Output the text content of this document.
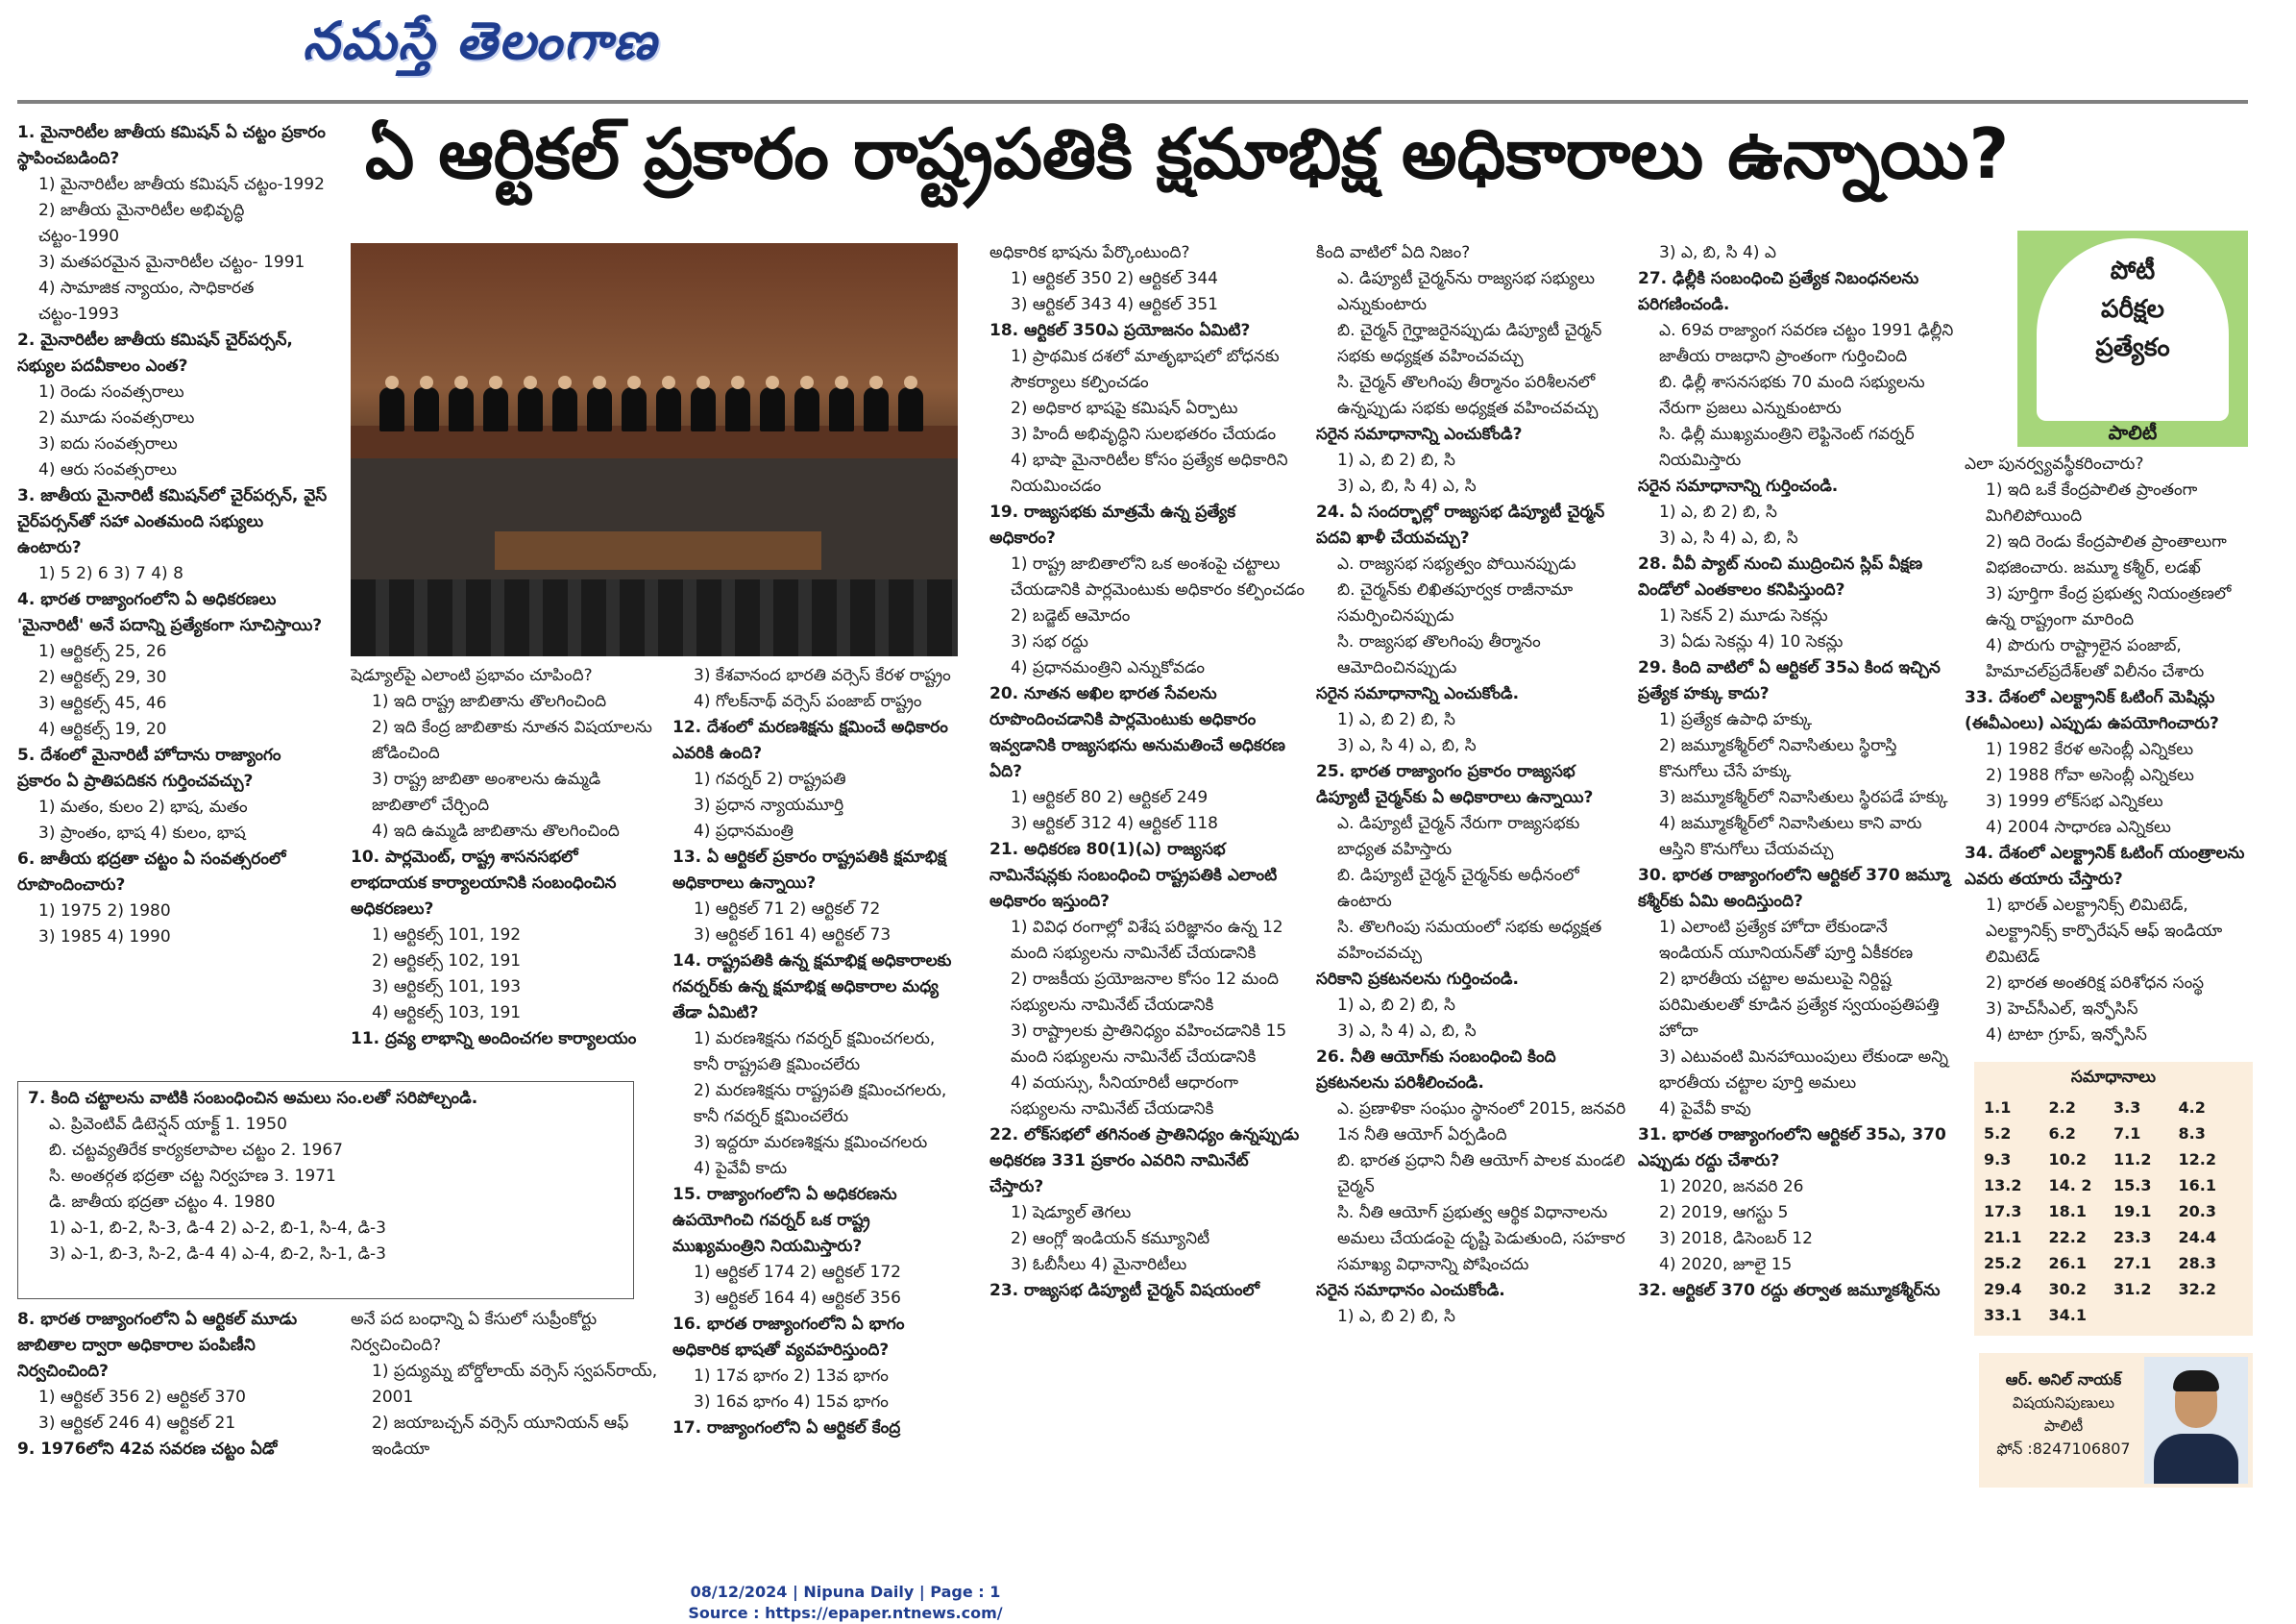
నమస్తే తెలంగాణ
ఏ ఆర్టికల్ ప్రకారం రాష్ట్రపతికి క్షమాభిక్ష అధికారాలు ఉన్నాయి?

1. మైనారిటీల జాతీయ కమిషన్ ఏ చట్టం ప్రకారం స్థాపించబడింది?

1) మైనారిటీల జాతీయ కమిషన్ చట్టం-1992

2) జాతీయ మైనారిటీల అభివృద్ధి చట్టం-1990

3) మతపరమైన మైనారిటీల చట్టం- 1991

4) సామాజిక న్యాయం, సాధికారత చట్టం-1993

2. మైనారిటీల జాతీయ కమిషన్ చైర్‌పర్సన్, సభ్యుల పదవీకాలం ఎంత?

1) రెండు సంవత్సరాలు

2) మూడు సంవత్సరాలు

3) ఐదు సంవత్సరాలు

4) ఆరు సంవత్సరాలు

3. జాతీయ మైనారిటీ కమిషన్‌లో చైర్‌పర్సన్, వైస్ చైర్‌పర్సన్‌తో సహా ఎంతమంది సభ్యులు ఉంటారు?

1) 5 2) 6 3) 7 4) 8

4. భారత రాజ్యాంగంలోని ఏ అధికరణలు 'మైనారిటీ' అనే పదాన్ని ప్రత్యేకంగా సూచిస్తాయి?

1) ఆర్టికల్స్ 25, 26

2) ఆర్టికల్స్ 29, 30

3) ఆర్టికల్స్ 45, 46

4) ఆర్టికల్స్ 19, 20

5. దేశంలో మైనారిటీ హోదాను రాజ్యాంగం ప్రకారం ఏ ప్రాతిపదికన గుర్తించవచ్చు?

1) మతం, కులం 2) భాష, మతం

3) ప్రాంతం, భాష 4) కులం, భాష

6. జాతీయ భద్రతా చట్టం ఏ సంవత్సరంలో రూపొందించారు?

1) 1975 2) 1980

3) 1985 4) 1990

షెడ్యూల్‌పై ఎలాంటి ప్రభావం చూపింది?

1) ఇది రాష్ట్ర జాబితాను తొలగించింది

2) ఇది కేంద్ర జాబితాకు నూతన విషయాలను జోడించింది

3) రాష్ట్ర జాబితా అంశాలను ఉమ్మడి జాబితాలో చేర్చింది

4) ఇది ఉమ్మడి జాబితాను తొలగించింది

10. పార్లమెంట్, రాష్ట్ర శాసనసభలో లాభదాయక కార్యాలయానికి సంబంధించిన అధికరణలు?

1) ఆర్టికల్స్ 101, 192

2) ఆర్టికల్స్ 102, 191

3) ఆర్టికల్స్ 101, 193

4) ఆర్టికల్స్ 103, 191

11. ద్రవ్య లాభాన్ని అందించగల కార్యాలయం

3) కేశవానంద భారతి వర్సెస్ కేరళ రాష్ట్రం

4) గోలక్‌నాథ్ వర్సెస్ పంజాబ్ రాష్ట్రం

12. దేశంలో మరణశిక్షను క్షమించే అధికారం ఎవరికి ఉంది?

1) గవర్నర్ 2) రాష్ట్రపతి

3) ప్రధాన న్యాయమూర్తి

4) ప్రధానమంత్రి

13. ఏ ఆర్టికల్ ప్రకారం రాష్ట్రపతికి క్షమాభిక్ష అధికారాలు ఉన్నాయి?

1) ఆర్టికల్ 71 2) ఆర్టికల్ 72

3) ఆర్టికల్ 161 4) ఆర్టికల్ 73

14. రాష్ట్రపతికి ఉన్న క్షమాభిక్ష అధికారాలకు గవర్నర్‌కు ఉన్న క్షమాభిక్ష అధికారాల మధ్య తేడా ఏమిటి?

1) మరణశిక్షను గవర్నర్ క్షమించగలరు, కానీ రాష్ట్రపతి క్షమించలేరు

2) మరణశిక్షను రాష్ట్రపతి క్షమించగలరు, కానీ గవర్నర్ క్షమించలేరు

3) ఇద్దరూ మరణశిక్షను క్షమించగలరు

4) పైవేవీ కాదు

15. రాజ్యాంగంలోని ఏ అధికరణను ఉపయోగించి గవర్నర్ ఒక రాష్ట్ర ముఖ్యమంత్రిని నియమిస్తారు?

1) ఆర్టికల్ 174 2) ఆర్టికల్ 172

3) ఆర్టికల్ 164 4) ఆర్టికల్ 356

16. భారత రాజ్యాంగంలోని ఏ భాగం అధికారిక భాషతో వ్యవహరిస్తుంది?

1) 17వ భాగం 2) 13వ భాగం

3) 16వ భాగం 4) 15వ భాగం

17. రాజ్యాంగంలోని ఏ ఆర్టికల్ కేంద్ర

అధికారిక భాషను పేర్కొంటుంది?

1) ఆర్టికల్ 350 2) ఆర్టికల్ 344

3) ఆర్టికల్ 343 4) ఆర్టికల్ 351

18. ఆర్టికల్ 350ఎ ప్రయోజనం ఏమిటి?

1) ప్రాథమిక దశలో మాతృభాషలో బోధనకు సౌకర్యాలు కల్పించడం

2) అధికార భాషపై కమిషన్ ఏర్పాటు

3) హిందీ అభివృద్ధిని సులభతరం చేయడం

4) భాషా మైనారిటీల కోసం ప్రత్యేక అధికారిని నియమించడం

19. రాజ్యసభకు మాత్రమే ఉన్న ప్రత్యేక అధికారం?

1) రాష్ట్ర జాబితాలోని ఒక అంశంపై చట్టాలు చేయడానికి పార్లమెంటుకు అధికారం కల్పించడం

2) బడ్జెట్ ఆమోదం

3) సభ రద్దు

4) ప్రధానమంత్రిని ఎన్నుకోవడం

20. నూతన అఖిల భారత సేవలను రూపొందించడానికి పార్లమెంటుకు అధికారం ఇవ్వడానికి రాజ్యసభను అనుమతించే అధికరణ ఏది?

1) ఆర్టికల్ 80 2) ఆర్టికల్ 249

3) ఆర్టికల్ 312 4) ఆర్టికల్ 118

21. అధికరణ 80(1)(ఎ) రాజ్యసభ నామినేషన్లకు సంబంధించి రాష్ట్రపతికి ఎలాంటి అధికారం ఇస్తుంది?

1) వివిధ రంగాల్లో విశేష పరిజ్ఞానం ఉన్న 12 మంది సభ్యులను నామినేట్ చేయడానికి

2) రాజకీయ ప్రయోజనాల కోసం 12 మంది సభ్యులను నామినేట్ చేయడానికి

3) రాష్ట్రాలకు ప్రాతినిధ్యం వహించడానికి 15 మంది సభ్యులను నామినేట్ చేయడానికి

4) వయస్సు, సీనియారిటీ ఆధారంగా సభ్యులను నామినేట్ చేయడానికి

22. లోక్‌సభలో తగినంత ప్రాతినిధ్యం ఉన్నప్పుడు అధికరణ 331 ప్రకారం ఎవరిని నామినేట్ చేస్తారు?

1) షెడ్యూల్ తెగలు

2) ఆంగ్లో ఇండియన్ కమ్యూనిటీ

3) ఓబీసీలు 4) మైనారిటీలు

23. రాజ్యసభ డిప్యూటీ చైర్మన్ విషయంలో

కింది వాటిలో ఏది నిజం?

ఎ. డిప్యూటీ చైర్మన్‌ను రాజ్యసభ సభ్యులు ఎన్నుకుంటారు

బి. చైర్మన్ గైర్హాజరైనప్పుడు డిప్యూటీ చైర్మన్ సభకు అధ్యక్షత వహించవచ్చు

సి. చైర్మన్ తొలగింపు తీర్మానం పరిశీలనలో ఉన్నప్పుడు సభకు అధ్యక్షత వహించవచ్చు

సరైన సమాధానాన్ని ఎంచుకోండి?

1) ఎ, బి 2) బి, సి

3) ఎ, బి, సి 4) ఎ, సి

24. ఏ సందర్భాల్లో రాజ్యసభ డిప్యూటీ చైర్మన్ పదవి ఖాళీ చేయవచ్చు?

ఎ. రాజ్యసభ సభ్యత్వం పోయినప్పుడు

బి. చైర్మన్‌కు లిఖితపూర్వక రాజీనామా సమర్పించినప్పుడు

సి. రాజ్యసభ తొలగింపు తీర్మానం ఆమోదించినప్పుడు

సరైన సమాధానాన్ని ఎంచుకోండి.

1) ఎ, బి 2) బి, సి

3) ఎ, సి 4) ఎ, బి, సి

25. భారత రాజ్యాంగం ప్రకారం రాజ్యసభ డిప్యూటీ చైర్మన్‌కు ఏ అధికారాలు ఉన్నాయి?

ఎ. డిప్యూటీ చైర్మన్ నేరుగా రాజ్యసభకు బాధ్యత వహిస్తారు

బి. డిప్యూటీ చైర్మన్ చైర్మన్‌కు అధీనంలో ఉంటారు

సి. తొలగింపు సమయంలో సభకు అధ్యక్షత వహించవచ్చు

సరికాని ప్రకటనలను గుర్తించండి.

1) ఎ, బి 2) బి, సి

3) ఎ, సి 4) ఎ, బి, సి

26. నీతి ఆయోగ్‌కు సంబంధించి కింది ప్రకటనలను పరిశీలించండి.

ఎ. ప్రణాళికా సంఘం స్థానంలో 2015, జనవరి 1న నీతి ఆయోగ్ ఏర్పడింది

బి. భారత ప్రధాని నీతి ఆయోగ్ పాలక మండలి చైర్మన్

సి. నీతి ఆయోగ్ ప్రభుత్వ ఆర్థిక విధానాలను అమలు చేయడంపై దృష్టి పెడుతుంది, సహకార సమాఖ్య విధానాన్ని పోషించదు

సరైన సమాధానం ఎంచుకోండి.

1) ఎ, బి 2) బి, సి

3) ఎ, బి, సి 4) ఎ

27. ఢిల్లీకి సంబంధించి ప్రత్యేక నిబంధనలను పరిగణించండి.

ఎ. 69వ రాజ్యాంగ సవరణ చట్టం 1991 ఢిల్లీని జాతీయ రాజధాని ప్రాంతంగా గుర్తించింది

బి. ఢిల్లీ శాసనసభకు 70 మంది సభ్యులను నేరుగా ప్రజలు ఎన్నుకుంటారు

సి. ఢిల్లీ ముఖ్యమంత్రిని లెఫ్టినెంట్ గవర్నర్ నియమిస్తారు

సరైన సమాధానాన్ని గుర్తించండి.

1) ఎ, బి 2) బి, సి

3) ఎ, సి 4) ఎ, బి, సి

28. వీవీ ప్యాట్ నుంచి ముద్రించిన స్లిప్ వీక్షణ విండోలో ఎంతకాలం కనిపిస్తుంది?

1) సెకన్ 2) మూడు సెకన్లు

3) ఏడు సెకన్లు 4) 10 సెకన్లు

29. కింది వాటిలో ఏ ఆర్టికల్ 35ఎ కింద ఇచ్చిన ప్రత్యేక హక్కు కాదు?

1) ప్రత్యేక ఉపాధి హక్కు

2) జమ్మూకశ్మీర్‌లో నివాసితులు స్థిరాస్తి కొనుగోలు చేసే హక్కు

3) జమ్మూకశ్మీర్‌లో నివాసితులు స్థిరపడే హక్కు

4) జమ్మూకశ్మీర్‌లో నివాసితులు కాని వారు ఆస్తిని కొనుగోలు చేయవచ్చు

30. భారత రాజ్యాంగంలోని ఆర్టికల్ 370 జమ్మూ కశ్మీర్‌కు ఏమి అందిస్తుంది?

1) ఎలాంటి ప్రత్యేక హోదా లేకుండానే ఇండియన్ యూనియన్‌తో పూర్తి ఏకీకరణ

2) భారతీయ చట్టాల అమలుపై నిర్దిష్ట పరిమితులతో కూడిన ప్రత్యేక స్వయంప్రతిపత్తి హోదా

3) ఎటువంటి మినహాయింపులు లేకుండా అన్ని భారతీయ చట్టాల పూర్తి అమలు

4) పైవేవీ కావు

31. భారత రాజ్యాంగంలోని ఆర్టికల్ 35ఎ, 370 ఎప్పుడు రద్దు చేశారు?

1) 2020, జనవరి 26

2) 2019, ఆగస్టు 5

3) 2018, డిసెంబర్ 12

4) 2020, జూలై 15

32. ఆర్టికల్ 370 రద్దు తర్వాత జమ్మూకశ్మీర్‌ను

ఎలా పునర్వ్యవస్థీకరించారు?

1) ఇది ఒకే కేంద్రపాలిత ప్రాంతంగా మిగిలిపోయింది

2) ఇది రెండు కేంద్రపాలిత ప్రాంతాలుగా విభజించారు. జమ్మూ కశ్మీర్, లడఖ్

3) పూర్తిగా కేంద్ర ప్రభుత్వ నియంత్రణలో ఉన్న రాష్ట్రంగా మారింది

4) పొరుగు రాష్ట్రాలైన పంజాబ్, హిమాచల్‌ప్రదేశ్‌లతో విలీనం చేశారు

33. దేశంలో ఎలక్ట్రానిక్ ఓటింగ్ మెషిన్లు (ఈవీఎంలు) ఎప్పుడు ఉపయోగించారు?

1) 1982 కేరళ అసెంబ్లీ ఎన్నికలు

2) 1988 గోవా అసెంబ్లీ ఎన్నికలు

3) 1999 లోక్‌సభ ఎన్నికలు

4) 2004 సాధారణ ఎన్నికలు

34. దేశంలో ఎలక్ట్రానిక్ ఓటింగ్ యంత్రాలను ఎవరు తయారు చేస్తారు?

1) భారత్ ఎలక్ట్రానిక్స్ లిమిటెడ్, ఎలక్ట్రానిక్స్ కార్పొరేషన్ ఆఫ్ ఇండియా లిమిటెడ్

2) భారత అంతరిక్ష పరిశోధన సంస్థ

3) హెచ్‌సీఎల్, ఇన్ఫోసిస్

4) టాటా గ్రూప్, ఇన్ఫోసిస్

7. కింది చట్టాలను వాటికి సంబంధించిన అమలు సం.లతో సరిపోల్చండి.

ఎ. ప్రివెంటివ్ డిటెన్షన్ యాక్ట్ 1. 1950

బి. చట్టవ్యతిరేక కార్యకలాపాల చట్టం 2. 1967

సి. అంతర్గత భద్రతా చట్ట నిర్వహణ 3. 1971

డి. జాతీయ భద్రతా చట్టం 4. 1980

1) ఎ-1, బి-2, సి-3, డి-4 2) ఎ-2, బి-1, సి-4, డి-3

3) ఎ-1, బి-3, సి-2, డి-4 4) ఎ-4, బి-2, సి-1, డి-3

8. భారత రాజ్యాంగంలోని ఏ ఆర్టికల్ మూడు జాబితాల ద్వారా అధికారాల పంపిణీని నిర్వచించింది?

1) ఆర్టికల్ 356 2) ఆర్టికల్ 370

3) ఆర్టికల్ 246 4) ఆర్టికల్ 21

9. 1976లోని 42వ సవరణ చట్టం ఏడో

అనే పద బంధాన్ని ఏ కేసులో సుప్రీంకోర్టు నిర్వచించింది?

1) ప్రద్యుమ్న బోర్డోలాయ్ వర్సెస్ స్వపన్‌రాయ్, 2001

2) జయాబచ్చన్ వర్సెస్ యూనియన్ ఆఫ్ ఇండియా

పోటీ
పరీక్షల
ప్రత్యేకం
పాలిటీ
సమాధానాలు
1.1	2.2	3.3	4.2
5.2	6.2	7.1	8.3
9.3	10.2	11.2	12.2
13.2	14. 2	15.3	16.1
17.3	18.1	19.1	20.3
21.1	22.2	23.3	24.4
25.2	26.1	27.1	28.3
29.4	30.2	31.2	32.2
33.1	34.1
ఆర్. అనిల్ నాయక్
విషయనిపుణులు
పాలిటీ
ఫోన్ :8247106807
08/12/2024 | Nipuna Daily | Page : 1
Source : https://epaper.ntnews.com/
